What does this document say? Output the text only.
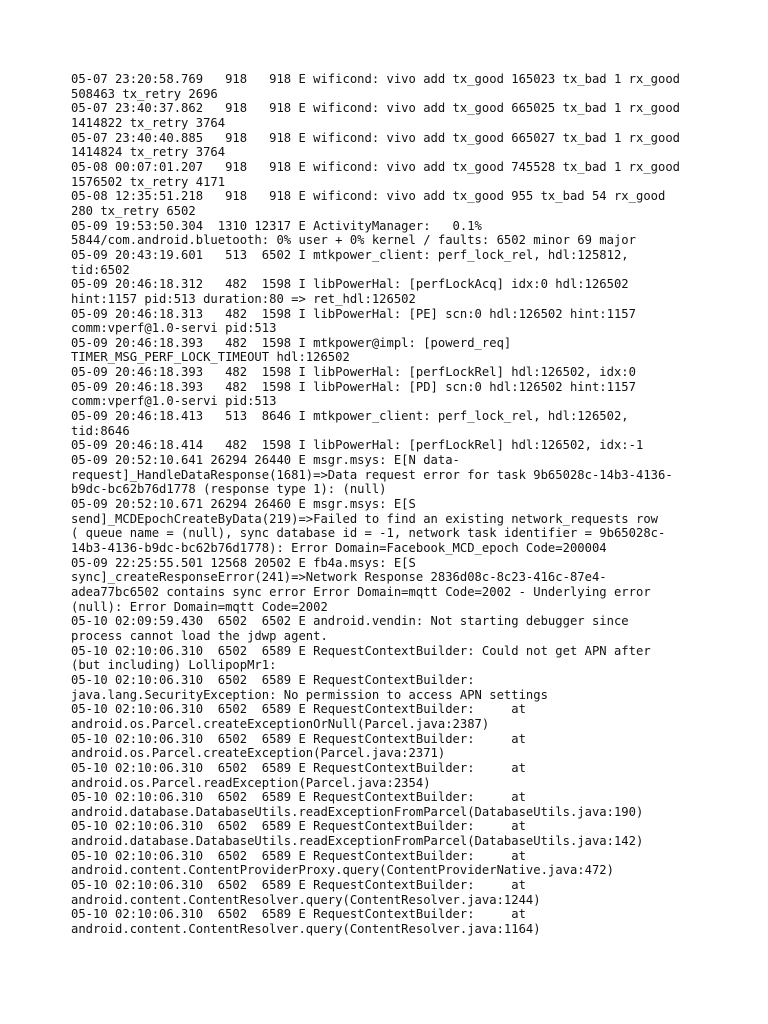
05-07 23:20:58.769   918   918 E wificond: vivo add tx_good 165023 tx_bad 1 rx_good
508463 tx_retry 2696
05-07 23:40:37.862   918   918 E wificond: vivo add tx_good 665025 tx_bad 1 rx_good
1414822 tx_retry 3764
05-07 23:40:40.885   918   918 E wificond: vivo add tx_good 665027 tx_bad 1 rx_good
1414824 tx_retry 3764
05-08 00:07:01.207   918   918 E wificond: vivo add tx_good 745528 tx_bad 1 rx_good
1576502 tx_retry 4171
05-08 12:35:51.218   918   918 E wificond: vivo add tx_good 955 tx_bad 54 rx_good
280 tx_retry 6502
05-09 19:53:50.304  1310 12317 E ActivityManager:   0.1%
5844/com.android.bluetooth: 0% user + 0% kernel / faults: 6502 minor 69 major
05-09 20:43:19.601   513  6502 I mtkpower_client: perf_lock_rel, hdl:125812,
tid:6502
05-09 20:46:18.312   482  1598 I libPowerHal: [perfLockAcq] idx:0 hdl:126502
hint:1157 pid:513 duration:80 => ret_hdl:126502
05-09 20:46:18.313   482  1598 I libPowerHal: [PE] scn:0 hdl:126502 hint:1157
comm:vperf@1.0-servi pid:513
05-09 20:46:18.393   482  1598 I mtkpower@impl: [powerd_req]
TIMER_MSG_PERF_LOCK_TIMEOUT hdl:126502
05-09 20:46:18.393   482  1598 I libPowerHal: [perfLockRel] hdl:126502, idx:0
05-09 20:46:18.393   482  1598 I libPowerHal: [PD] scn:0 hdl:126502 hint:1157
comm:vperf@1.0-servi pid:513
05-09 20:46:18.413   513  8646 I mtkpower_client: perf_lock_rel, hdl:126502,
tid:8646
05-09 20:46:18.414   482  1598 I libPowerHal: [perfLockRel] hdl:126502, idx:-1
05-09 20:52:10.641 26294 26440 E msgr.msys: E[N data-
request]_HandleDataResponse(1681)=>Data request error for task 9b65028c-14b3-4136-
b9dc-bc62b76d1778 (response type 1): (null)
05-09 20:52:10.671 26294 26460 E msgr.msys: E[S
send]_MCDEpochCreateByData(219)=>Failed to find an existing network_requests row
( queue name = (null), sync database id = -1, network task identifier = 9b65028c-
14b3-4136-b9dc-bc62b76d1778): Error Domain=Facebook_MCD_epoch Code=200004
05-09 22:25:55.501 12568 20502 E fb4a.msys: E[S
sync]_createResponseError(241)=>Network Response 2836d08c-8c23-416c-87e4-
adea77bc6502 contains sync error Error Domain=mqtt Code=2002 - Underlying error
(null): Error Domain=mqtt Code=2002
05-10 02:09:59.430  6502  6502 E android.vendin: Not starting debugger since
process cannot load the jdwp agent.
05-10 02:10:06.310  6502  6589 E RequestContextBuilder: Could not get APN after
(but including) LollipopMr1:
05-10 02:10:06.310  6502  6589 E RequestContextBuilder:
java.lang.SecurityException: No permission to access APN settings
05-10 02:10:06.310  6502  6589 E RequestContextBuilder:     at
android.os.Parcel.createExceptionOrNull(Parcel.java:2387)
05-10 02:10:06.310  6502  6589 E RequestContextBuilder:     at
android.os.Parcel.createException(Parcel.java:2371)
05-10 02:10:06.310  6502  6589 E RequestContextBuilder:     at
android.os.Parcel.readException(Parcel.java:2354)
05-10 02:10:06.310  6502  6589 E RequestContextBuilder:     at
android.database.DatabaseUtils.readExceptionFromParcel(DatabaseUtils.java:190)
05-10 02:10:06.310  6502  6589 E RequestContextBuilder:     at
android.database.DatabaseUtils.readExceptionFromParcel(DatabaseUtils.java:142)
05-10 02:10:06.310  6502  6589 E RequestContextBuilder:     at
android.content.ContentProviderProxy.query(ContentProviderNative.java:472)
05-10 02:10:06.310  6502  6589 E RequestContextBuilder:     at
android.content.ContentResolver.query(ContentResolver.java:1244)
05-10 02:10:06.310  6502  6589 E RequestContextBuilder:     at
android.content.ContentResolver.query(ContentResolver.java:1164)
